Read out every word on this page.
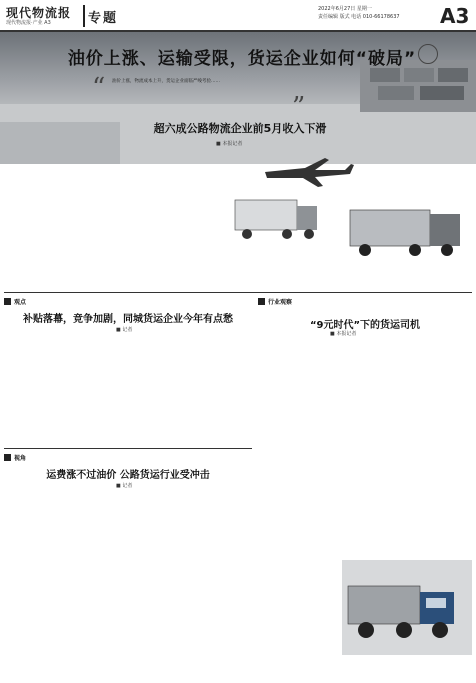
现代物流报
现代物流报·产业 A3	专题
2022年6月27日 星期一
责任编辑 版式 电话 010-66178637	A3
油价上涨、运输受限，货运企业如何“破局”
“ 油价上涨，物流成本上升，货运企业面临严峻考验……
”
超六成公路物流企业前5月收入下滑
■ 本报记者

观点
补贴落幕，竞争加剧，同城货运企业今年有点愁
■ 记者

行业观察
“9元时代”下的货运司机
■ 本报记者

视角
运费涨不过油价 公路货运行业受冲击
■ 记者
